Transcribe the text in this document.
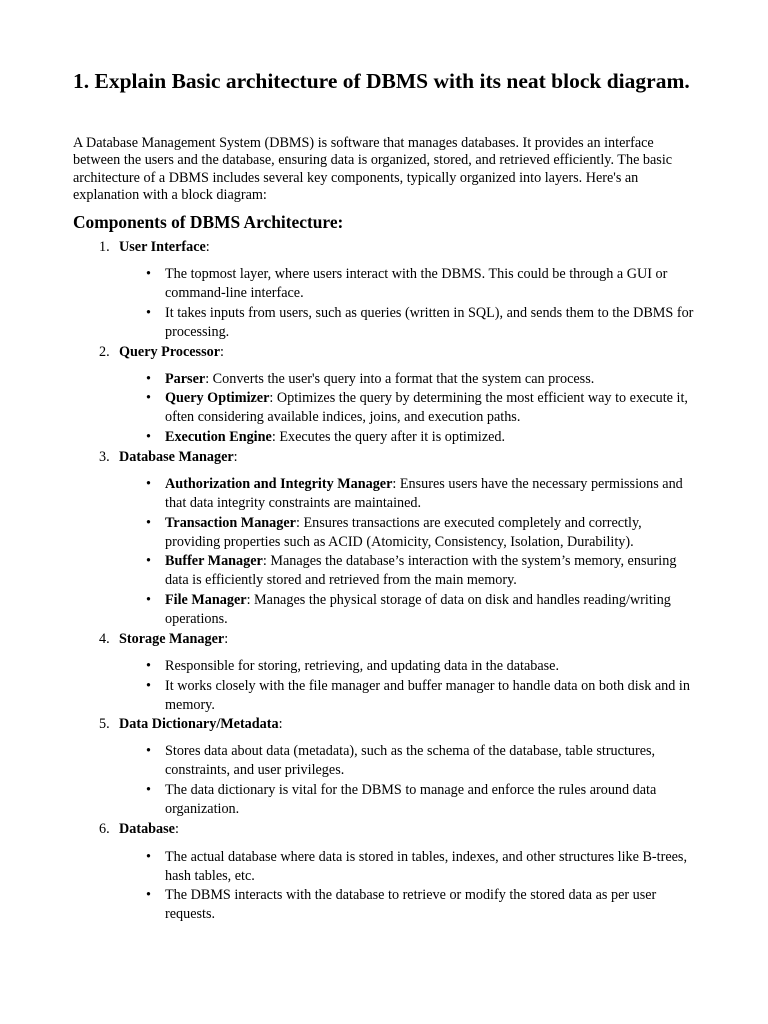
1. Explain Basic architecture of DBMS with its neat block diagram.

A Database Management System (DBMS) is software that manages databases. It provides an interface between the users and the database, ensuring data is organized, stored, and retrieved efficiently. The basic architecture of a DBMS includes several key components, typically organized into layers. Here's an explanation with a block diagram:

Components of DBMS Architecture:
1. User Interface:
• The topmost layer, where users interact with the DBMS. This could be through a GUI or command-line interface.
• It takes inputs from users, such as queries (written in SQL), and sends them to the DBMS for processing.
2. Query Processor:
• Parser: Converts the user's query into a format that the system can process.
• Query Optimizer: Optimizes the query by determining the most efficient way to execute it, often considering available indices, joins, and execution paths.
• Execution Engine: Executes the query after it is optimized.
3. Database Manager:
• Authorization and Integrity Manager: Ensures users have the necessary permissions and that data integrity constraints are maintained.
• Transaction Manager: Ensures transactions are executed completely and correctly, providing properties such as ACID (Atomicity, Consistency, Isolation, Durability).
• Buffer Manager: Manages the database’s interaction with the system’s memory, ensuring data is efficiently stored and retrieved from the main memory.
• File Manager: Manages the physical storage of data on disk and handles reading/writing operations.
4. Storage Manager:
• Responsible for storing, retrieving, and updating data in the database.
• It works closely with the file manager and buffer manager to handle data on both disk and in memory.
5. Data Dictionary/Metadata:
• Stores data about data (metadata), such as the schema of the database, table structures, constraints, and user privileges.
• The data dictionary is vital for the DBMS to manage and enforce the rules around data organization.
6. Database:
• The actual database where data is stored in tables, indexes, and other structures like B-trees, hash tables, etc.
• The DBMS interacts with the database to retrieve or modify the stored data as per user requests.
